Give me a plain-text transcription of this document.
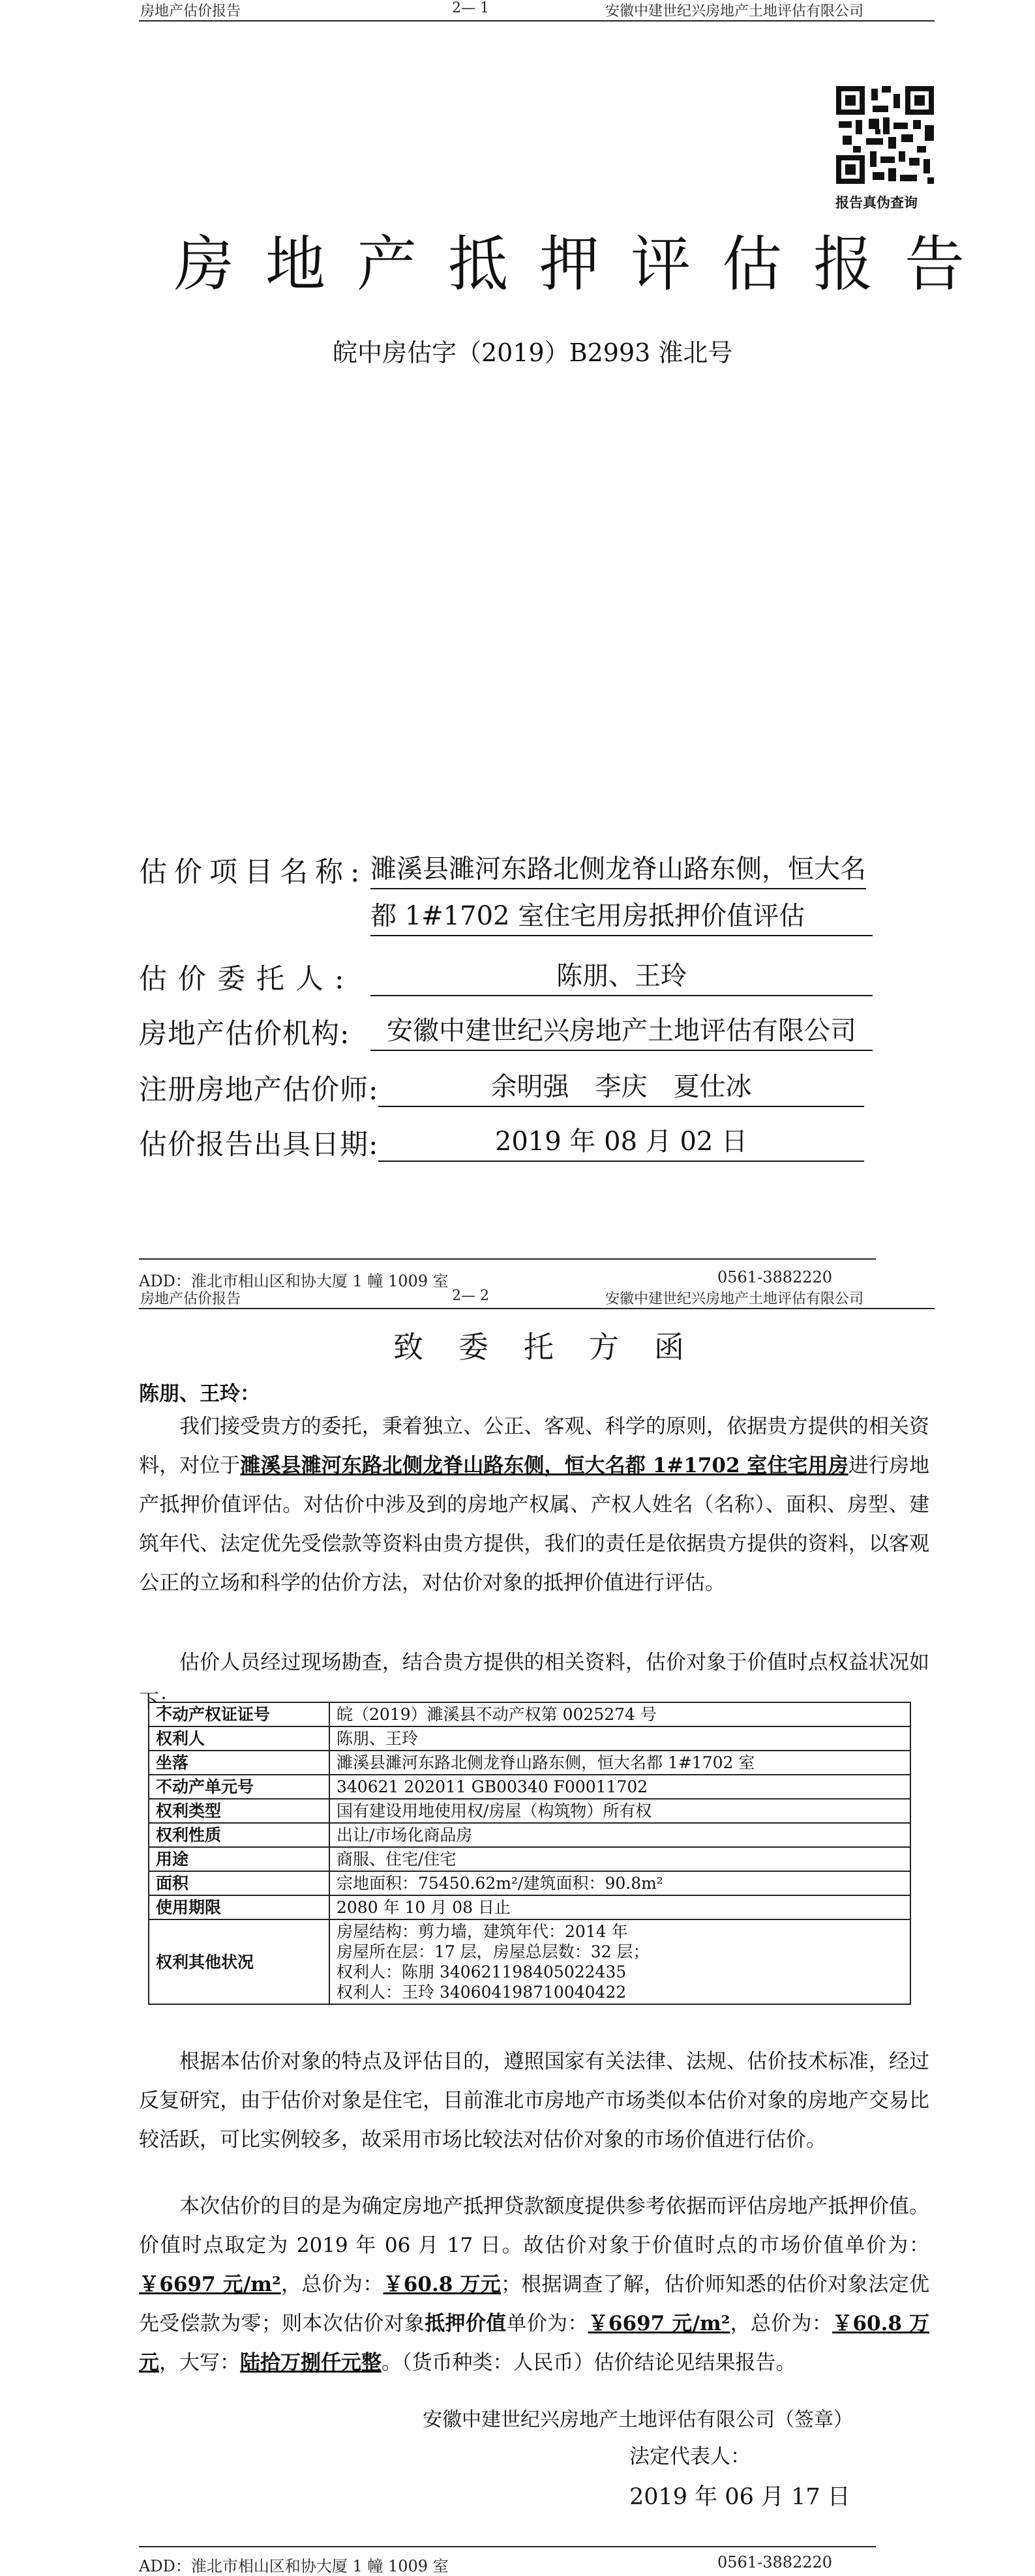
房地产估价报告	2— 1	安徽中建世纪兴房地产土地评估有限公司
报告真伪查询
房地产抵押评估报告
皖中房估字（2019）B2993 淮北号
估价项目名称: 濉溪县濉河东路北侧龙脊山路东侧，恒大名
都 1#1702 室住宅用房抵押价值评估
估价委托人:	陈朋、王玲
房地产估价机构:	安徽中建世纪兴房地产土地评估有限公司
注册房地产估价师:	余明强　李庆　夏仕冰
估价报告出具日期:	2019 年 08 月 02 日
ADD：淮北市相山区和协大厦 1 幢 1009 室	0561-3882220
房地产估价报告	2— 2	安徽中建世纪兴房地产土地评估有限公司
致委托方函
陈朋、王玲：
我们接受贵方的委托，秉着独立、公正、客观、科学的原则，依据贵方提供的相关资料，对位于濉溪县濉河东路北侧龙脊山路东侧，恒大名都 1#1702 室住宅用房进行房地产抵押价值评估。对估价中涉及到的房地产权属、产权人姓名（名称）、面积、房型、建筑年代、法定优先受偿款等资料由贵方提供，我们的责任是依据贵方提供的资料，以客观公正的立场和科学的估价方法，对估价对象的抵押价值进行评估。
估价人员经过现场勘查，结合贵方提供的相关资料，估价对象于价值时点权益状况如下：
不动产权证证号	皖（2019）濉溪县不动产权第 0025274 号

权利人	陈朋、王玲

坐落	濉溪县濉河东路北侧龙脊山路东侧，恒大名都 1#1702 室

不动产单元号	340621 202011 GB00340 F00011702

权利类型	国有建设用地使用权/房屋（构筑物）所有权

权利性质	出让/市场化商品房

用途	商服、住宅/住宅

面积	宗地面积：75450.62m²/建筑面积：90.8m²

使用期限	2080 年 10 月 08 日止

权利其他状况	房屋结构：剪力墙，建筑年代：2014 年
房屋所在层：17 层，房屋总层数：32 层；
权利人：陈朋 340621198405022435
权利人：王玲 340604198710040422
根据本估价对象的特点及评估目的，遵照国家有关法律、法规、估价技术标准，经过反复研究，由于估价对象是住宅，目前淮北市房地产市场类似本估价对象的房地产交易比较活跃，可比实例较多，故采用市场比较法对估价对象的市场价值进行估价。
本次估价的目的是为确定房地产抵押贷款额度提供参考依据而评估房地产抵押价值。价值时点取定为 2019 年 06 月 17 日。故估价对象于价值时点的市场价值单价为：￥6697 元/m²，总价为：￥60.8 万元；根据调查了解，估价师知悉的估价对象法定优先受偿款为零；则本次估价对象抵押价值单价为：￥6697 元/m²，总价为：￥60.8 万元，大写：陆拾万捌仟元整。（货币种类：人民币）估价结论见结果报告。
安徽中建世纪兴房地产土地评估有限公司（签章）
法定代表人：
2019 年 06 月 17 日
ADD：淮北市相山区和协大厦 1 幢 1009 室	0561-3882220
